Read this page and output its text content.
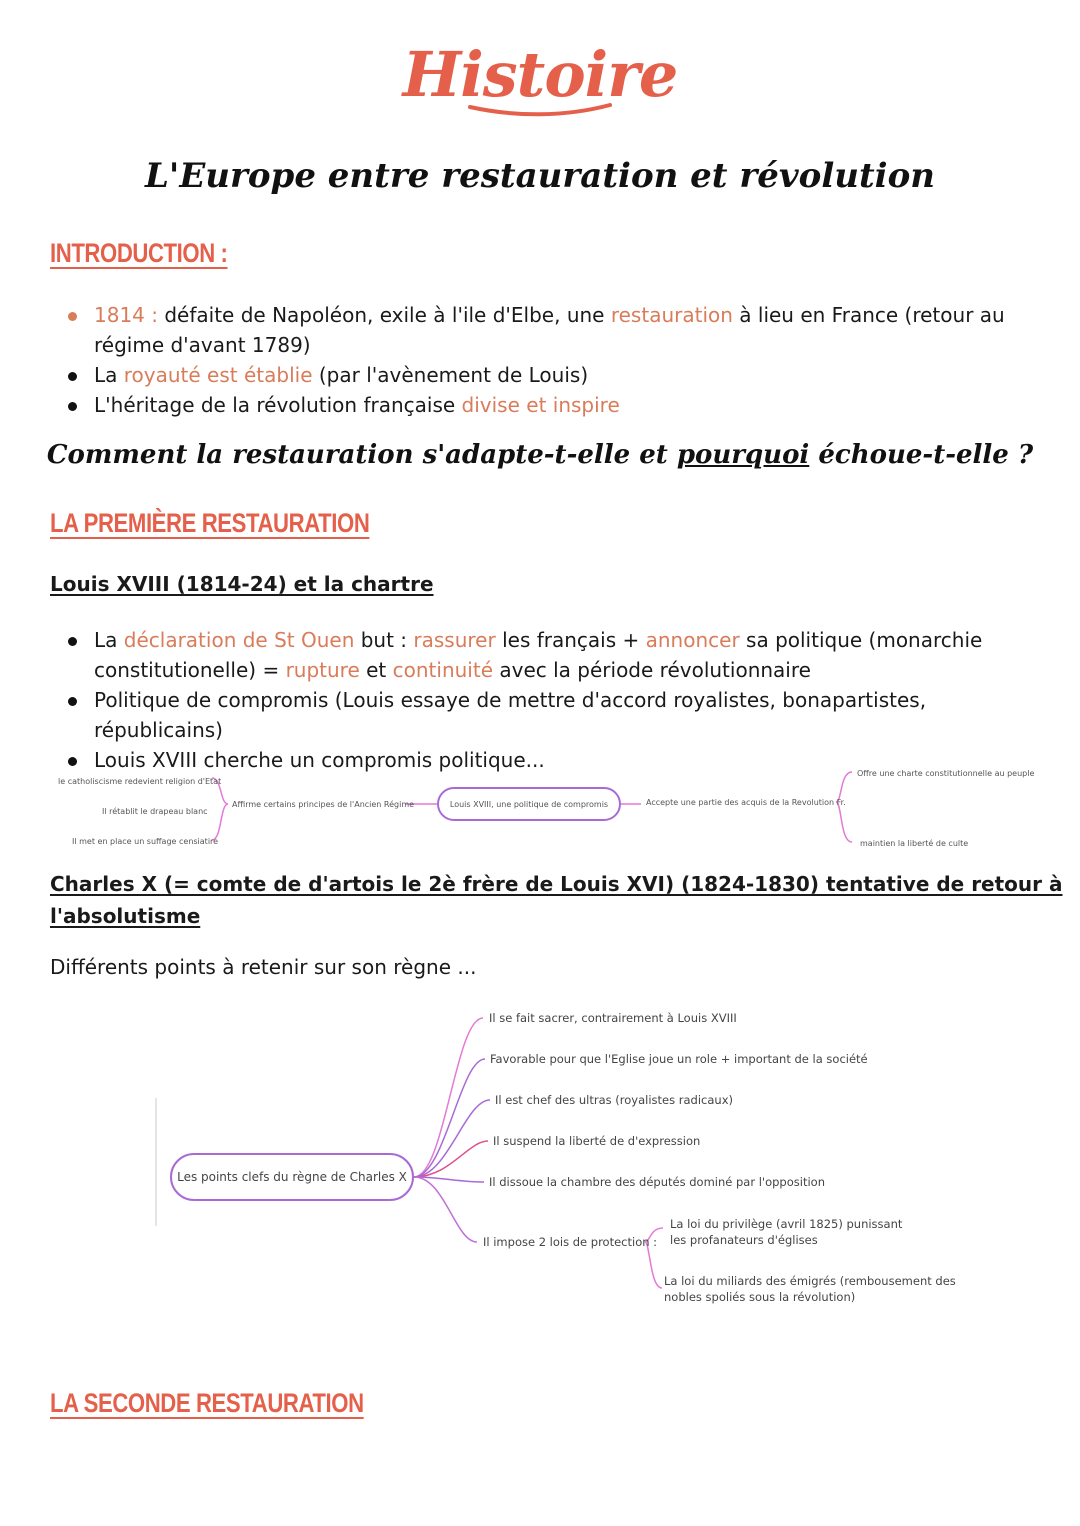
Histoire
L'Europe entre restauration et révolution
INTRODUCTION :
1814 : défaite de Napoléon, exile à l'ile d'Elbe, une restauration à lieu en France (retour au régime d'avant 1789)
La royauté est établie (par l'avènement de Louis)
L'héritage de la révolution française divise et inspire
Comment la restauration s'adapte-t-elle et pourquoi échoue-t-elle ?
LA PREMIÈRE RESTAURATION
Louis XVIII (1814-24) et la chartre
La déclaration de St Ouen but : rassurer les français + annoncer sa politique (monarchie constitutionelle) = rupture et continuité avec la période révolutionnaire
Politique de compromis (Louis essaye de mettre d'accord royalistes, bonapartistes, républicains)
Louis XVIII cherche un compromis politique...
le catholiscisme redevient religion d'Etat
Il rétablit le drapeau blanc
Il met en place un suffage censiatire
Affirme certains principes de l'Ancien Régime	Accepte une partie des acquis de la Revolution Fr.
Offre une charte constitutionnelle au peuple
maintien la liberté de culte
Louis XVIII, une politique de compromis
Charles X (= comte de d'artois le 2è frère de Louis XVI) (1824-1830) tentative de retour à
l'absolutisme
Différents points à retenir sur son règne ...
Les points clefs du règne de Charles X
Il se fait sacrer, contrairement à Louis XVIII
Favorable pour que l'Eglise joue un role + important de la société
Il est chef des ultras (royalistes radicaux)
Il suspend la liberté de d'expression
Il dissoue la chambre des députés dominé par l'opposition
Il impose 2 lois de protection :
La loi du privilège (avril 1825) punissant
les profanateurs d'églises
La loi du miliards des émigrés (rembousement des
nobles spoliés sous la révolution)
LA SECONDE RESTAURATION
